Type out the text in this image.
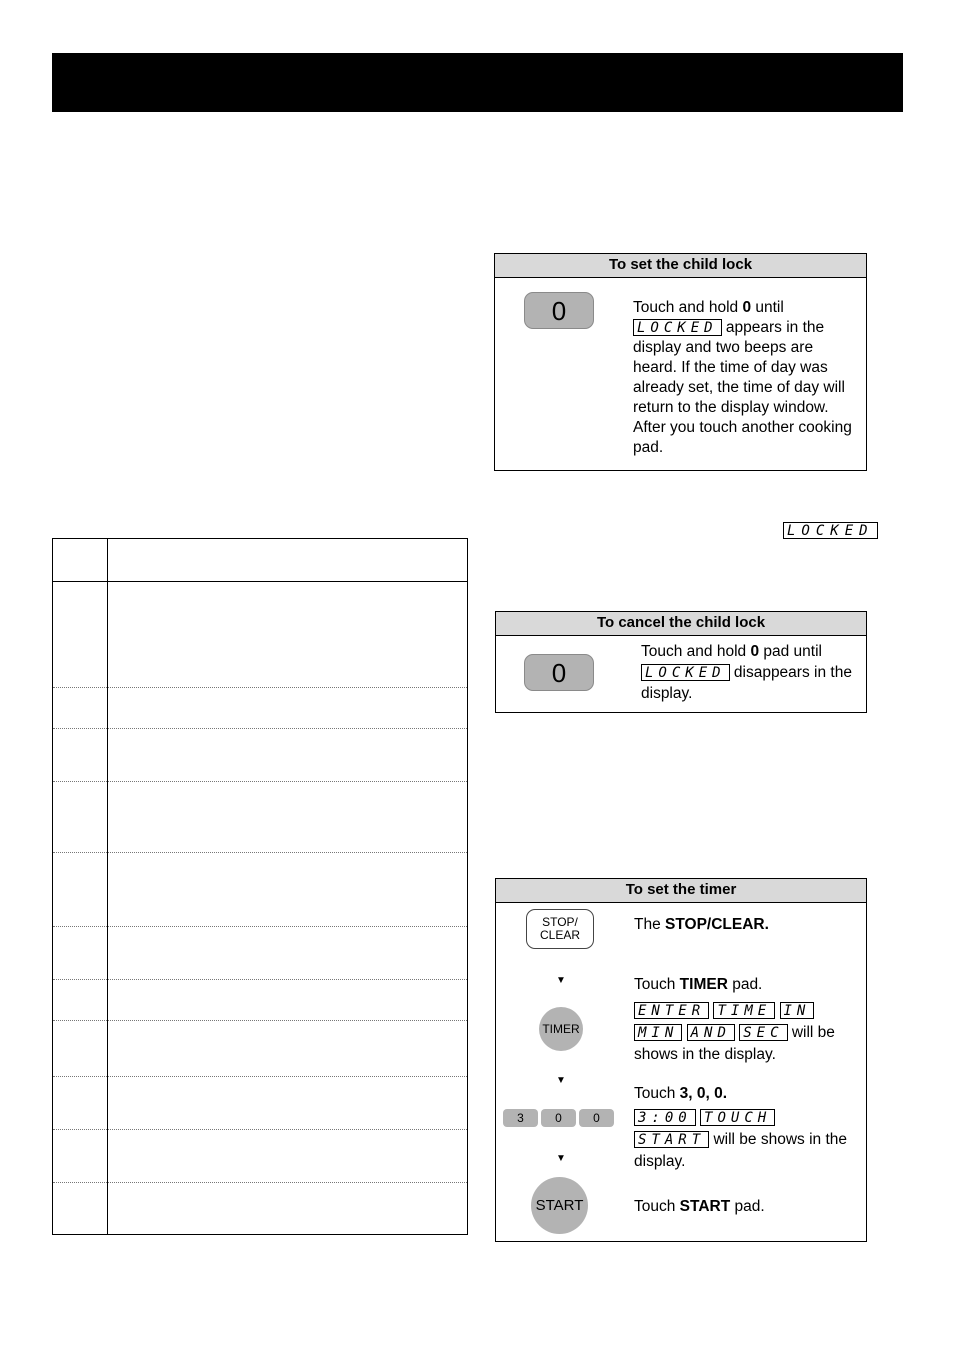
To set the child lock
0	Touch and hold 0 until
LOCKED appears in the display and two beeps are heard. If the time of day was already set, the time of day will return to the display window. After you touch another cooking pad.
LOCKED
To cancel the child lock
0
Touch and hold 0 pad until
LOCKED disappears in the display.
To set the timer
STOP/
CLEAR
The STOP/CLEAR.
▼	Touch TIMER pad.
TIMER
ENTER TIME IN
MIN AND SEC will be shows in the display.
▼
3	0	0
Touch 3, 0, 0.
3:00 TOUCH
START will be shows in the display.
▼
START	Touch START pad.
